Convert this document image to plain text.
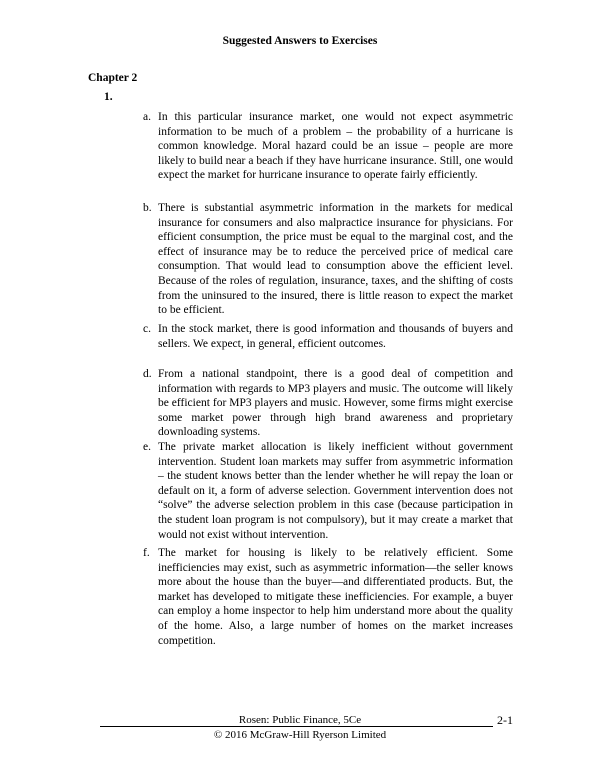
Suggested Answers to Exercises
Chapter 2
1.
a. In this particular insurance market, one would not expect asymmetric information to be much of a problem – the probability of a hurricane is common knowledge. Moral hazard could be an issue – people are more likely to build near a beach if they have hurricane insurance. Still, one would expect the market for hurricane insurance to operate fairly efficiently.
b. There is substantial asymmetric information in the markets for medical insurance for consumers and also malpractice insurance for physicians. For efficient consumption, the price must be equal to the marginal cost, and the effect of insurance may be to reduce the perceived price of medical care consumption. That would lead to consumption above the efficient level. Because of the roles of regulation, insurance, taxes, and the shifting of costs from the uninsured to the insured, there is little reason to expect the market to be efficient.
c. In the stock market, there is good information and thousands of buyers and sellers. We expect, in general, efficient outcomes.
d. From a national standpoint, there is a good deal of competition and information with regards to MP3 players and music. The outcome will likely be efficient for MP3 players and music. However, some firms might exercise some market power through high brand awareness and proprietary downloading systems.
e. The private market allocation is likely inefficient without government intervention. Student loan markets may suffer from asymmetric information – the student knows better than the lender whether he will repay the loan or default on it, a form of adverse selection. Government intervention does not “solve” the adverse selection problem in this case (because participation in the student loan program is not compulsory), but it may create a market that would not exist without intervention.
f. The market for housing is likely to be relatively efficient. Some inefficiencies may exist, such as asymmetric information—the seller knows more about the house than the buyer—and differentiated products. But, the market has developed to mitigate these inefficiencies. For example, a buyer can employ a home inspector to help him understand more about the quality of the home. Also, a large number of homes on the market increases competition.
Rosen: Public Finance, 5Ce	2-1
© 2016 McGraw-Hill Ryerson Limited
